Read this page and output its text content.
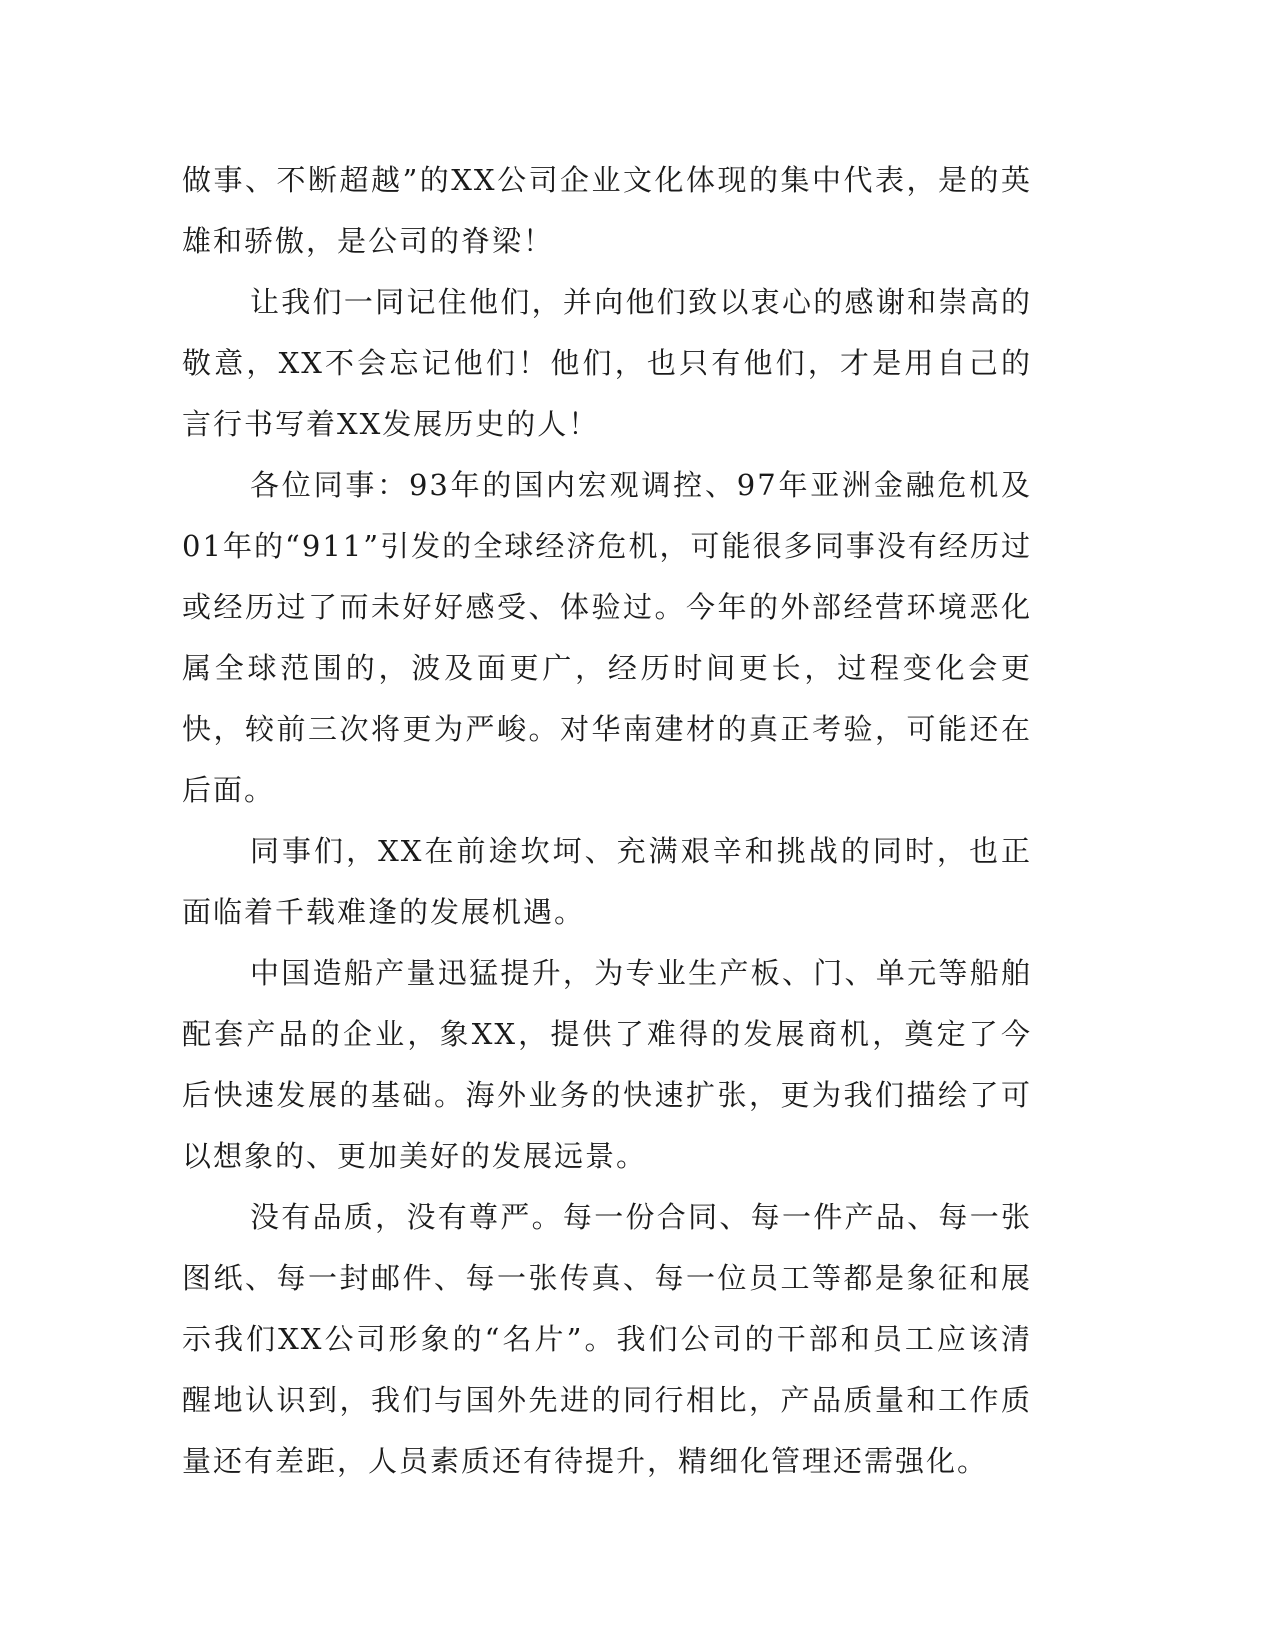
做事、不断超越”的XX公司企业文化体现的集中代表，是的英雄和骄傲，是公司的脊梁！

让我们一同记住他们，并向他们致以衷心的感谢和崇高的敬意，XX不会忘记他们！他们，也只有他们，才是用自己的言行书写着XX发展历史的人！

各位同事：93年的国内宏观调控、97年亚洲金融危机及01年的“911”引发的全球经济危机，可能很多同事没有经历过或经历过了而未好好感受、体验过。今年的外部经营环境恶化属全球范围的，波及面更广，经历时间更长，过程变化会更快，较前三次将更为严峻。对华南建材的真正考验，可能还在后面。

同事们，XX在前途坎坷、充满艰辛和挑战的同时，也正面临着千载难逢的发展机遇。

中国造船产量迅猛提升，为专业生产板、门、单元等船舶配套产品的企业，象XX，提供了难得的发展商机，奠定了今后快速发展的基础。海外业务的快速扩张，更为我们描绘了可以想象的、更加美好的发展远景。

没有品质，没有尊严。每一份合同、每一件产品、每一张图纸、每一封邮件、每一张传真、每一位员工等都是象征和展示我们XX公司形象的“名片”。我们公司的干部和员工应该清醒地认识到，我们与国外先进的同行相比，产品质量和工作质量还有差距，人员素质还有待提升，精细化管理还需强化。
